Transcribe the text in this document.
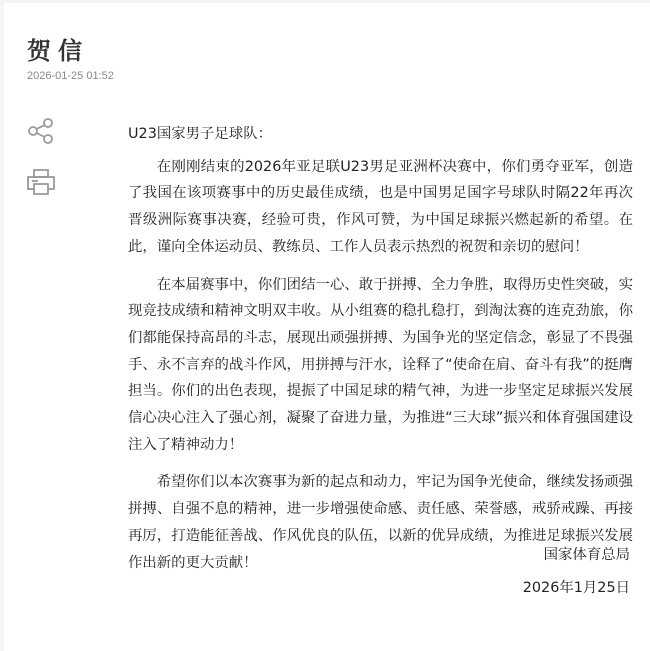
贺信
2026-01-25 01:52

U23国家男子足球队：

在刚刚结束的2026年亚足联U23男足亚洲杯决赛中，你们勇夺亚军，创造了我国在该项赛事中的历史最佳成绩，也是中国男足国字号球队时隔22年再次晋级洲际赛事决赛，经验可贵，作风可赞，为中国足球振兴燃起新的希望。在此，谨向全体运动员、教练员、工作人员表示热烈的祝贺和亲切的慰问！

在本届赛事中，你们团结一心、敢于拼搏、全力争胜，取得历史性突破，实现竞技成绩和精神文明双丰收。从小组赛的稳扎稳打，到淘汰赛的连克劲旅，你们都能保持高昂的斗志，展现出顽强拼搏、为国争光的坚定信念，彰显了不畏强手、永不言弃的战斗作风，用拼搏与汗水，诠释了“使命在肩、奋斗有我”的挺膺担当。你们的出色表现，提振了中国足球的精气神，为进一步坚定足球振兴发展信心决心注入了强心剂，凝聚了奋进力量，为推进“三大球”振兴和体育强国建设注入了精神动力！

希望你们以本次赛事为新的起点和动力，牢记为国争光使命，继续发扬顽强拼搏、自强不息的精神，进一步增强使命感、责任感、荣誉感，戒骄戒躁、再接再厉，打造能征善战、作风优良的队伍，以新的优异成绩，为推进足球振兴发展作出新的更大贡献！	国家体育总局
2026年1月25日
